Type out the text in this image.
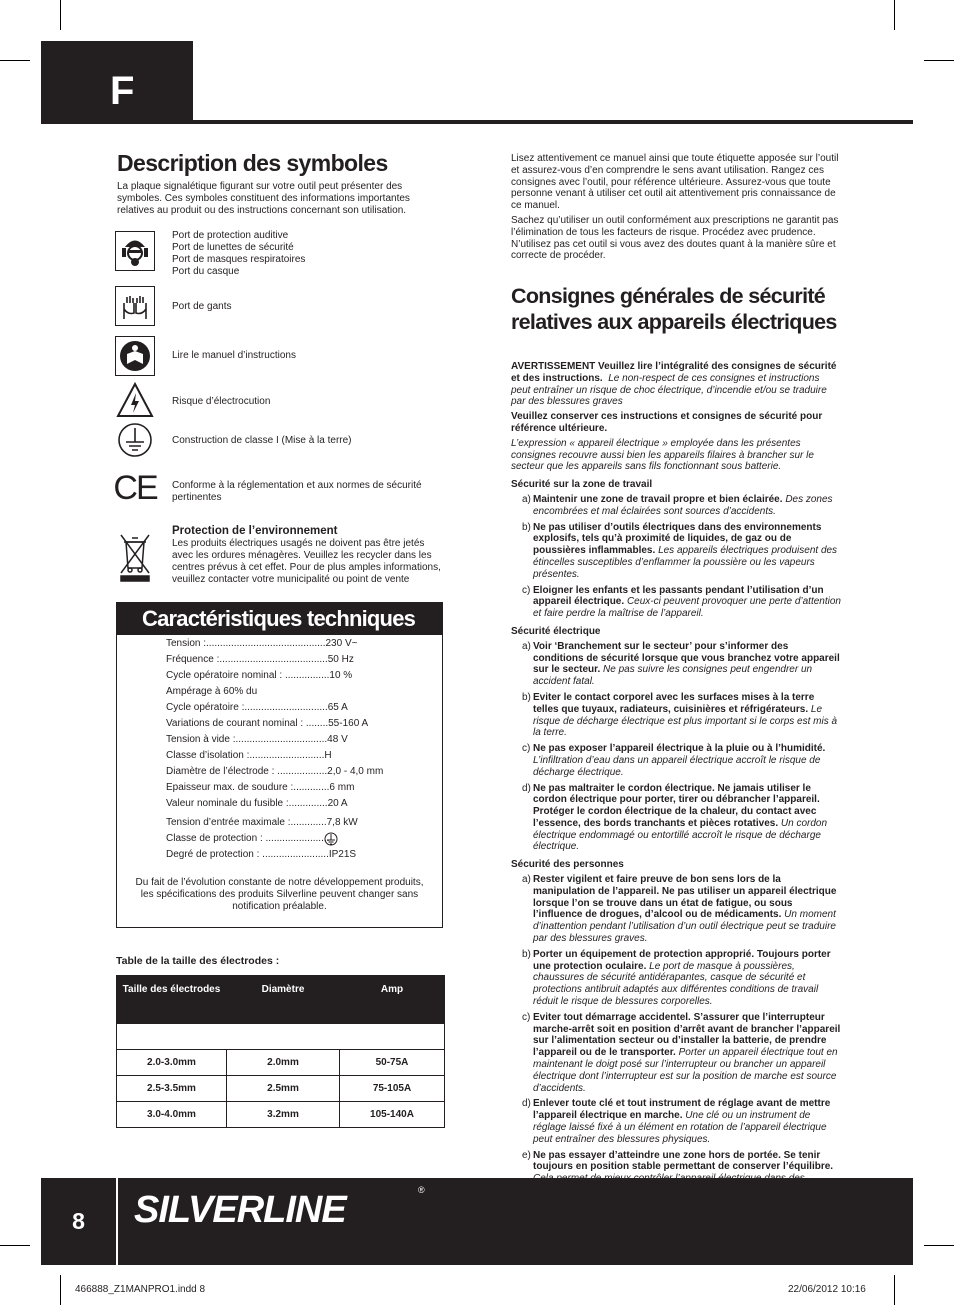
F
Description des symboles

La plaque signalétique figurant sur votre outil peut présenter des symboles. Ces symboles constituent des informations importantes relatives au produit ou des instructions concernant son utilisation.

Port de protection auditive
Port de lunettes de sécurité
Port de masques respiratoires
Port du casque
Port de gants
Lire le manuel d’instructions
Risque d’électrocution
Construction de classe I (Mise à la terre)
CE Conforme à la réglementation et aux normes de sécurité pertinentes
Protection de l’environnement
Les produits électriques usagés ne doivent pas être jetés avec les ordures ménagères. Veuillez les recycler dans les centres prévus à cet effet. Pour de plus amples informations, veuillez contacter votre municipalité ou point de vente
Caractéristiques techniques
Tension :...........................................230 V~
Fréquence :.......................................50 Hz
Cycle opératoire nominal : ................10 %
Ampérage à 60% du
Cycle opératoire :..............................65 A
Variations de courant nominal : ........55-160 A
Tension à vide :.................................48 V
Classe d’isolation :...........................H
Diamètre de l’électrode : ..................2,0 - 4,0 mm
Epaisseur max. de soudure :.............6 mm
Valeur nominale du fusible :..............20 A
Tension d’entrée maximale :.............7,8 kW
Classe de protection : .......................
Degré de protection : ........................IP21S

Du fait de l’évolution constante de notre développement produits, les spécifications des produits Silverline peuvent changer sans notification préalable.

Table de la taille des électrodes :
Taille des électrodes	Diamètre	Amp

2.0-3.0mm	2.0mm	50-75A
2.5-3.5mm	2.5mm	75-105A
3.0-4.0mm	3.2mm	105-140A

Lisez attentivement ce manuel ainsi que toute étiquette apposée sur l’outil et assurez-vous d’en comprendre le sens avant utilisation. Rangez ces consignes avec l’outil, pour référence ultérieure. Assurez-vous que toute personne venant à utiliser cet outil ait attentivement pris connaissance de ce manuel.

Sachez qu’utiliser un outil conformément aux prescriptions ne garantit pas l’élimination de tous les facteurs de risque. Procédez avec prudence. N’utilisez pas cet outil si vous avez des doutes quant à la manière sûre et correcte de procéder.

Consignes générales de sécurité relatives aux appareils électriques

AVERTISSEMENT Veuillez lire l’intégralité des consignes de sécurité et des instructions. Le non-respect de ces consignes et instructions peut entraîner un risque de choc électrique, d’incendie et/ou se traduire par des blessures graves

Veuillez conserver ces instructions et consignes de sécurité pour référence ultérieure.

L’expression « appareil électrique » employée dans les présentes consignes recouvre aussi bien les appareils filaires à brancher sur le secteur que les appareils sans fils fonctionnant sous batterie.

Sécurité sur la zone de travail
a) Maintenir une zone de travail propre et bien éclairée. Des zones encombrées et mal éclairées sont sources d’accidents.
b) Ne pas utiliser d’outils électriques dans des environnements explosifs, tels qu’à proximité de liquides, de gaz ou de poussières inflammables. Les appareils électriques produisent des étincelles susceptibles d’enflammer la poussière ou les vapeurs présentes.
c) Eloigner les enfants et les passants pendant l’utilisation d’un appareil électrique. Ceux-ci peuvent provoquer une perte d’attention et faire perdre la maîtrise de l’appareil.
Sécurité électrique
a) Voir ‘Branchement sur le secteur’ pour s’informer des conditions de sécurité lorsque que vous branchez votre appareil sur le secteur. Ne pas suivre les consignes peut engendrer un accident fatal.
b) Eviter le contact corporel avec les surfaces mises à la terre telles que tuyaux, radiateurs, cuisinières et réfrigérateurs. Le risque de décharge électrique est plus important si le corps est mis à la terre.
c) Ne pas exposer l’appareil électrique à la pluie ou à l’humidité. L’infiltration d’eau dans un appareil électrique accroît le risque de décharge électrique.
d) Ne pas maltraiter le cordon électrique. Ne jamais utiliser le cordon électrique pour porter, tirer ou débrancher l’appareil. Protéger le cordon électrique de la chaleur, du contact avec l’essence, des bords tranchants et pièces rotatives. Un cordon électrique endommagé ou entortillé accroît le risque de décharge électrique.
Sécurité des personnes
a) Rester vigilent et faire preuve de bon sens lors de la manipulation de l’appareil. Ne pas utiliser un appareil électrique lorsque l’on se trouve dans un état de fatigue, ou sous l’influence de drogues, d’alcool ou de médicaments. Un moment d’inattention pendant l’utilisation d’un outil électrique peut se traduire par des blessures graves.
b) Porter un équipement de protection approprié. Toujours porter une protection oculaire. Le port de masque à poussières, chaussures de sécurité antidérapantes, casque de sécurité et protections antibruit adaptés aux différentes conditions de travail réduit le risque de blessures corporelles.
c) Eviter tout démarrage accidentel. S’assurer que l’interrupteur marche-arrêt soit en position d’arrêt avant de brancher l’appareil sur l’alimentation secteur ou d’installer la batterie, de prendre l’appareil ou de le transporter. Porter un appareil électrique tout en maintenant le doigt posé sur l’interrupteur ou brancher un appareil électrique dont l’interrupteur est sur la position de marche est source d’accidents.
d) Enlever toute clé et tout instrument de réglage avant de mettre l’appareil électrique en marche. Une clé ou un instrument de réglage laissé fixé à un élément en rotation de l’appareil électrique peut entraîner des blessures physiques.
e) Ne pas essayer d’atteindre une zone hors de portée. Se tenir toujours en position stable permettant de conserver l’équilibre.
8	SILVERLINE	®
466888_Z1MANPRO1.indd 8	22/06/2012 10:16
